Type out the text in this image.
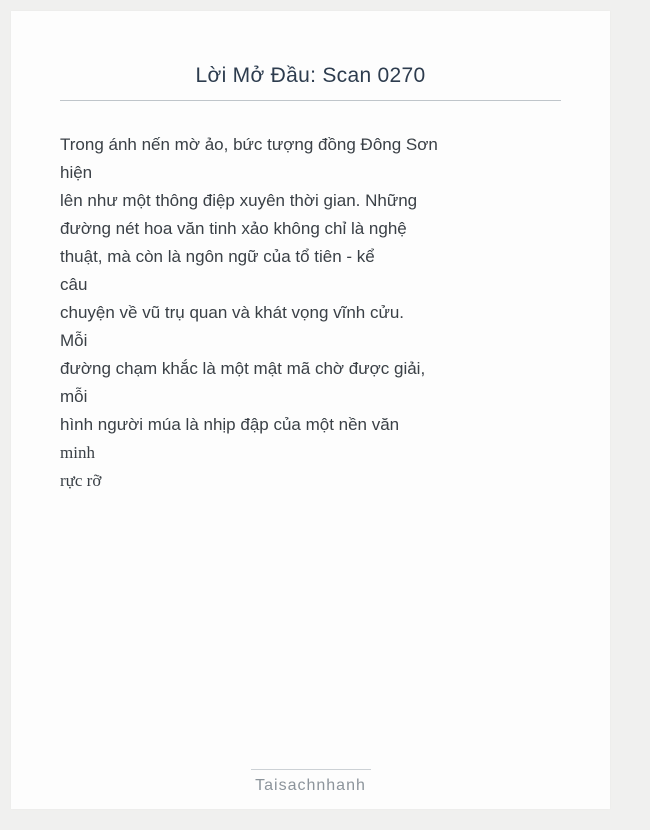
Lời Mở Đầu: Scan 0270
Trong ánh nến mờ ảo, bức tượng đồng Đông Sơn
hiện
lên như một thông điệp xuyên thời gian. Những
đường nét hoa văn tinh xảo không chỉ là nghệ
thuật, mà còn là ngôn ngữ của tổ tiên - kể
câu
chuyện về vũ trụ quan và khát vọng vĩnh cửu.
Mỗi
đường chạm khắc là một mật mã chờ được giải,
mỗi
hình người múa là nhịp đập của một nền văn
minh
rực rỡ
Taisachnhanh
